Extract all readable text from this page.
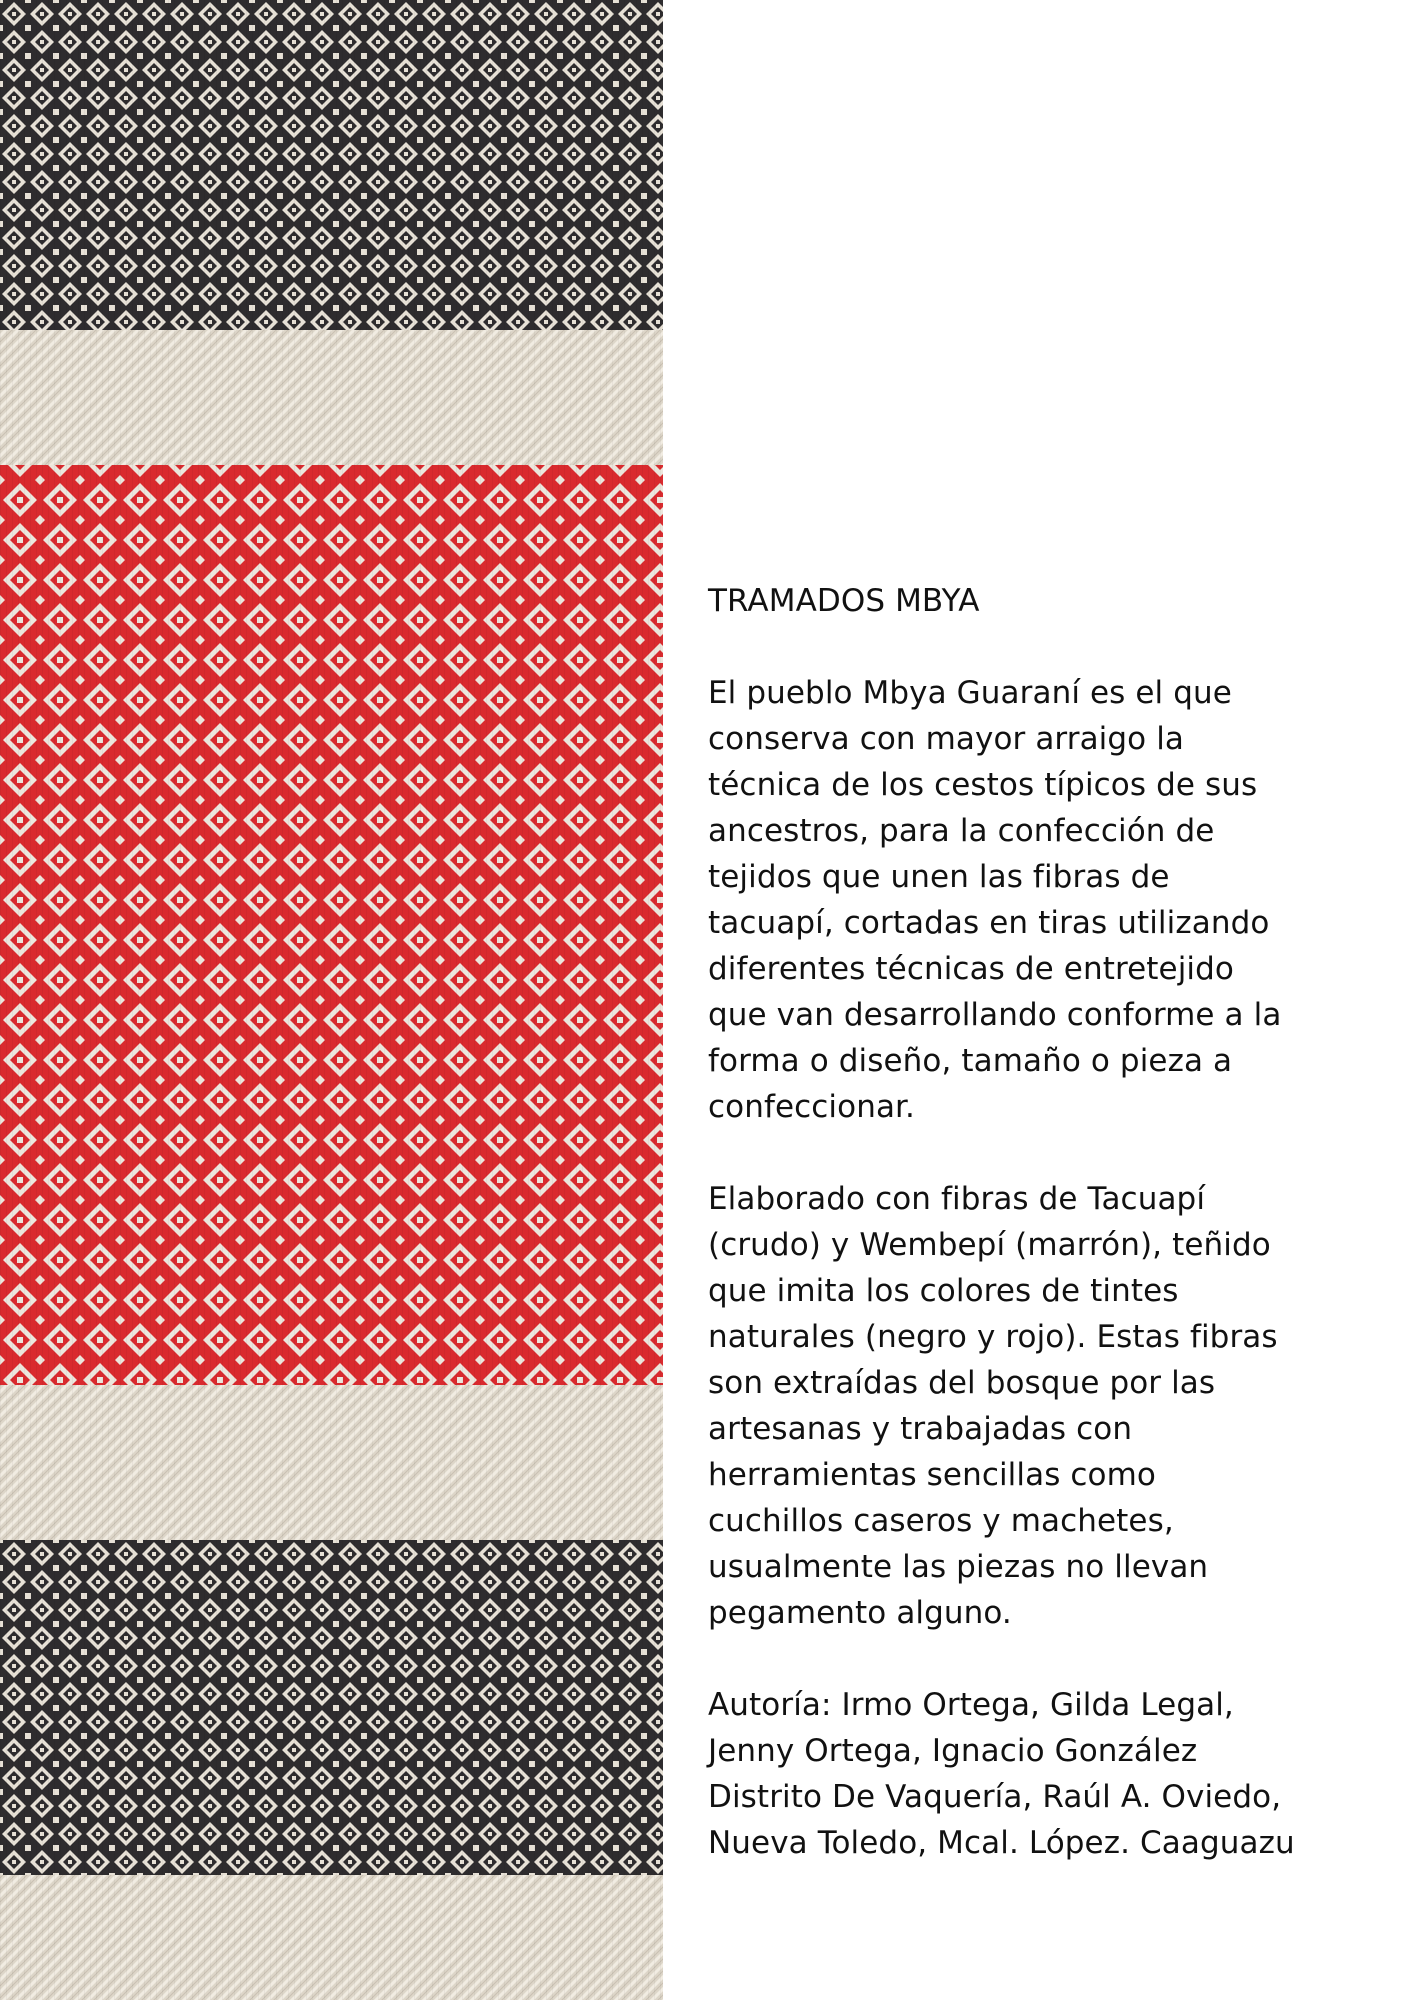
TRAMADOS MBYA

El pueblo Mbya Guaraní es el que
conserva con mayor arraigo la
técnica de los cestos típicos de sus
ancestros, para la confección de
tejidos que unen las fibras de
tacuapí, cortadas en tiras utilizando
diferentes técnicas de entretejido
que van desarrollando conforme a la
forma o diseño, tamaño o pieza a
confeccionar.

Elaborado con fibras de Tacuapí
(crudo) y Wembepí (marrón), teñido
que imita los colores de tintes
naturales (negro y rojo). Estas fibras
son extraídas del bosque por las
artesanas y trabajadas con
herramientas sencillas como
cuchillos caseros y machetes,
usualmente las piezas no llevan
pegamento alguno.

Autoría: Irmo Ortega, Gilda Legal,
Jenny Ortega, Ignacio González
Distrito De Vaquería, Raúl A. Oviedo,
Nueva Toledo, Mcal. López. Caaguazu
